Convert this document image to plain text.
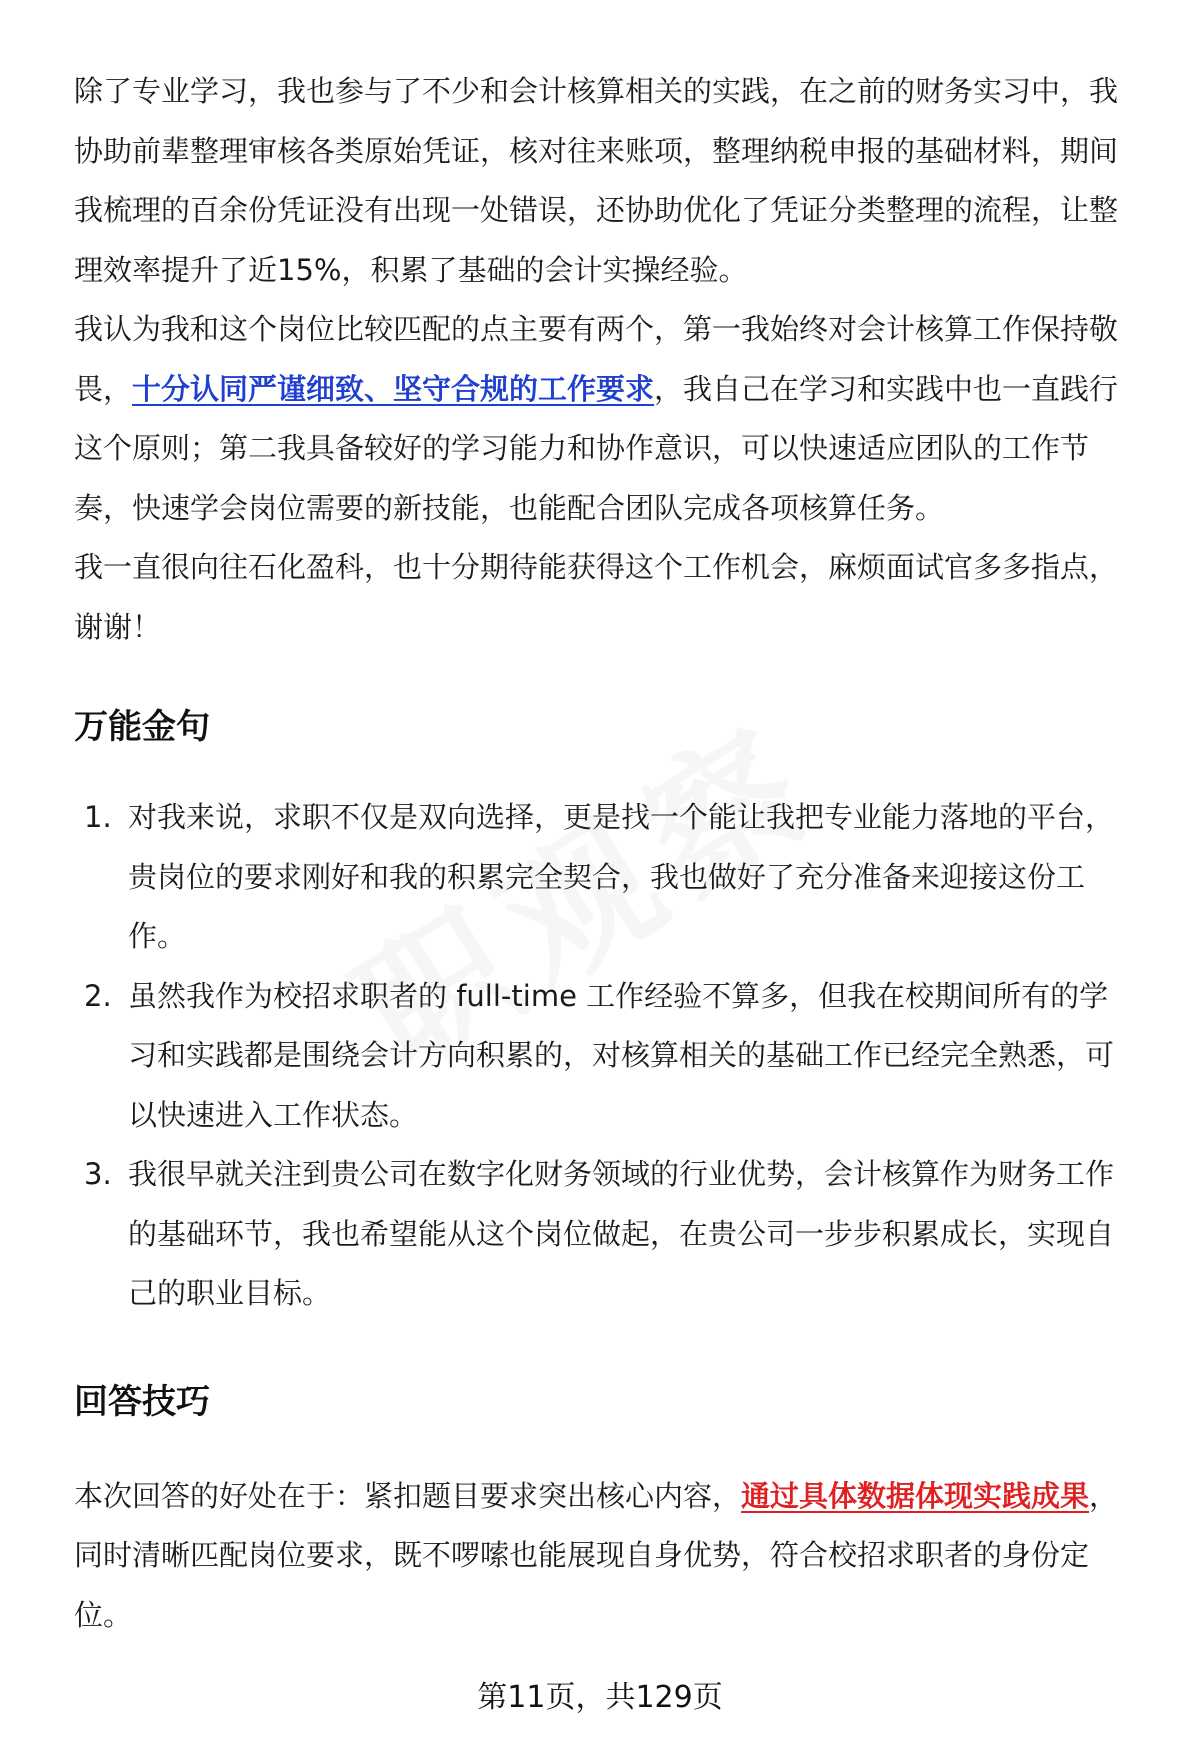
除了专业学习，我也参与了不少和会计核算相关的实践，在之前的财务实习中，我协助前辈整理审核各类原始凭证，核对往来账项，整理纳税申报的基础材料，期间我梳理的百余份凭证没有出现一处错误，还协助优化了凭证分类整理的流程，让整理效率提升了近15%，积累了基础的会计实操经验。

我认为我和这个岗位比较匹配的点主要有两个，第一我始终对会计核算工作保持敬畏，十分认同严谨细致、坚守合规的工作要求，我自己在学习和实践中也一直践行这个原则；第二我具备较好的学习能力和协作意识，可以快速适应团队的工作节奏，快速学会岗位需要的新技能，也能配合团队完成各项核算任务。

我一直很向往石化盈科，也十分期待能获得这个工作机会，麻烦面试官多多指点，谢谢！

万能金句
1. 对我来说，求职不仅是双向选择，更是找一个能让我把专业能力落地的平台，贵岗位的要求刚好和我的积累完全契合，我也做好了充分准备来迎接这份工作。
2. 虽然我作为校招求职者的 full-time 工作经验不算多，但我在校期间所有的学习和实践都是围绕会计方向积累的，对核算相关的基础工作已经完全熟悉，可以快速进入工作状态。
3. 我很早就关注到贵公司在数字化财务领域的行业优势，会计核算作为财务工作的基础环节，我也希望能从这个岗位做起，在贵公司一步步积累成长，实现自己的职业目标。
回答技巧

本次回答的好处在于：紧扣题目要求突出核心内容，通过具体数据体现实践成果，同时清晰匹配岗位要求，既不啰嗦也能展现自身优势，符合校招求职者的身份定位。

第11页，共129页
